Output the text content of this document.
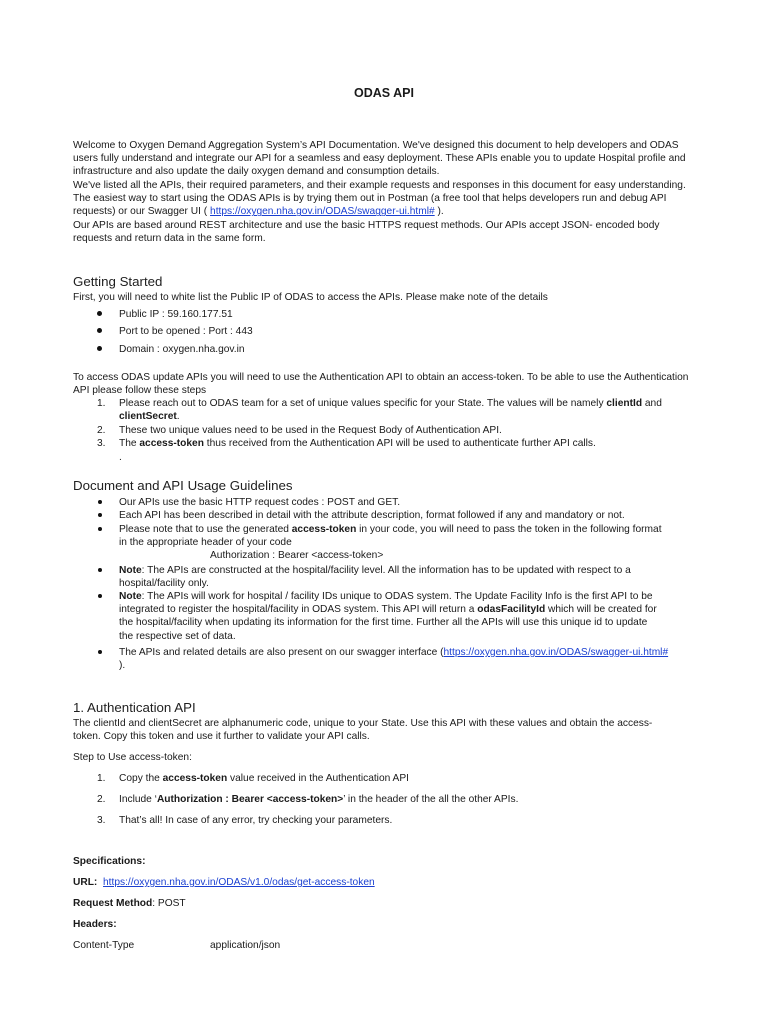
ODAS API

Welcome to Oxygen Demand Aggregation System’s API Documentation. We've designed this document to help developers and ODAS users fully understand and integrate our API for a seamless and easy deployment. These APIs enable you to update Hospital profile and infrastructure and also update the daily oxygen demand and consumption details.

We've listed all the APIs, their required parameters, and their example requests and responses in this document for easy understanding. The easiest way to start using the ODAS APIs is by trying them out in Postman (a free tool that helps developers run and debug API requests) or our Swagger UI ( https://oxygen.nha.gov.in/ODAS/swagger-ui.html# ).

Our APIs are based around REST architecture and use the basic HTTPS request methods. Our APIs accept JSON- encoded body requests and return data in the same form.

Getting Started

First, you will need to white list the Public IP of ODAS to access the APIs. Please make note of the details

Public IP : 59.160.177.51

Port to be opened : Port : 443

Domain : oxygen.nha.gov.in

To access ODAS update APIs you will need to use the Authentication API to obtain an access-token. To be able to use the Authentication API please follow these steps

1. Please reach out to ODAS team for a set of unique values specific for your State. The values will be namely clientId and
clientSecret.

2. These two unique values need to be used in the Request Body of Authentication API.

3. The access-token thus received from the Authentication API will be used to authenticate further API calls.

.

Document and API Usage Guidelines

Our APIs use the basic HTTP request codes : POST and GET.

Each API has been described in detail with the attribute description, format followed if any and mandatory or not.

Please note that to use the generated access-token in your code, you will need to pass the token in the following format

in the appropriate header of your code

Authorization : Bearer <access-token>

Note: The APIs are constructed at the hospital/facility level. All the information has to be updated with respect to a
hospital/facility only.

Note: The APIs will work for hospital / facility IDs unique to ODAS system. The Update Facility Info is the first API to be
integrated to register the hospital/facility in ODAS system. This API will return a odasFacilityId which will be created for
the hospital/facility when updating its information for the first time. Further all the APIs will use this unique id to update
the respective set of data.

The APIs and related details are also present on our swagger interface (https://oxygen.nha.gov.in/ODAS/swagger-ui.html#
).

1. Authentication API

The clientId and clientSecret are alphanumeric code, unique to your State. Use this API with these values and obtain the access-
token. Copy this token and use it further to validate your API calls.

Step to Use access-token:

1. Copy the access-token value received in the Authentication API

2. Include ‘Authorization : Bearer <access-token>’ in the header of the all the other APIs.

3. That’s all! In case of any error, try checking your parameters.

Specifications:

URL: https://oxygen.nha.gov.in/ODAS/v1.0/odas/get-access-token

Request Method: POST

Headers:

Content-Type	application/json
